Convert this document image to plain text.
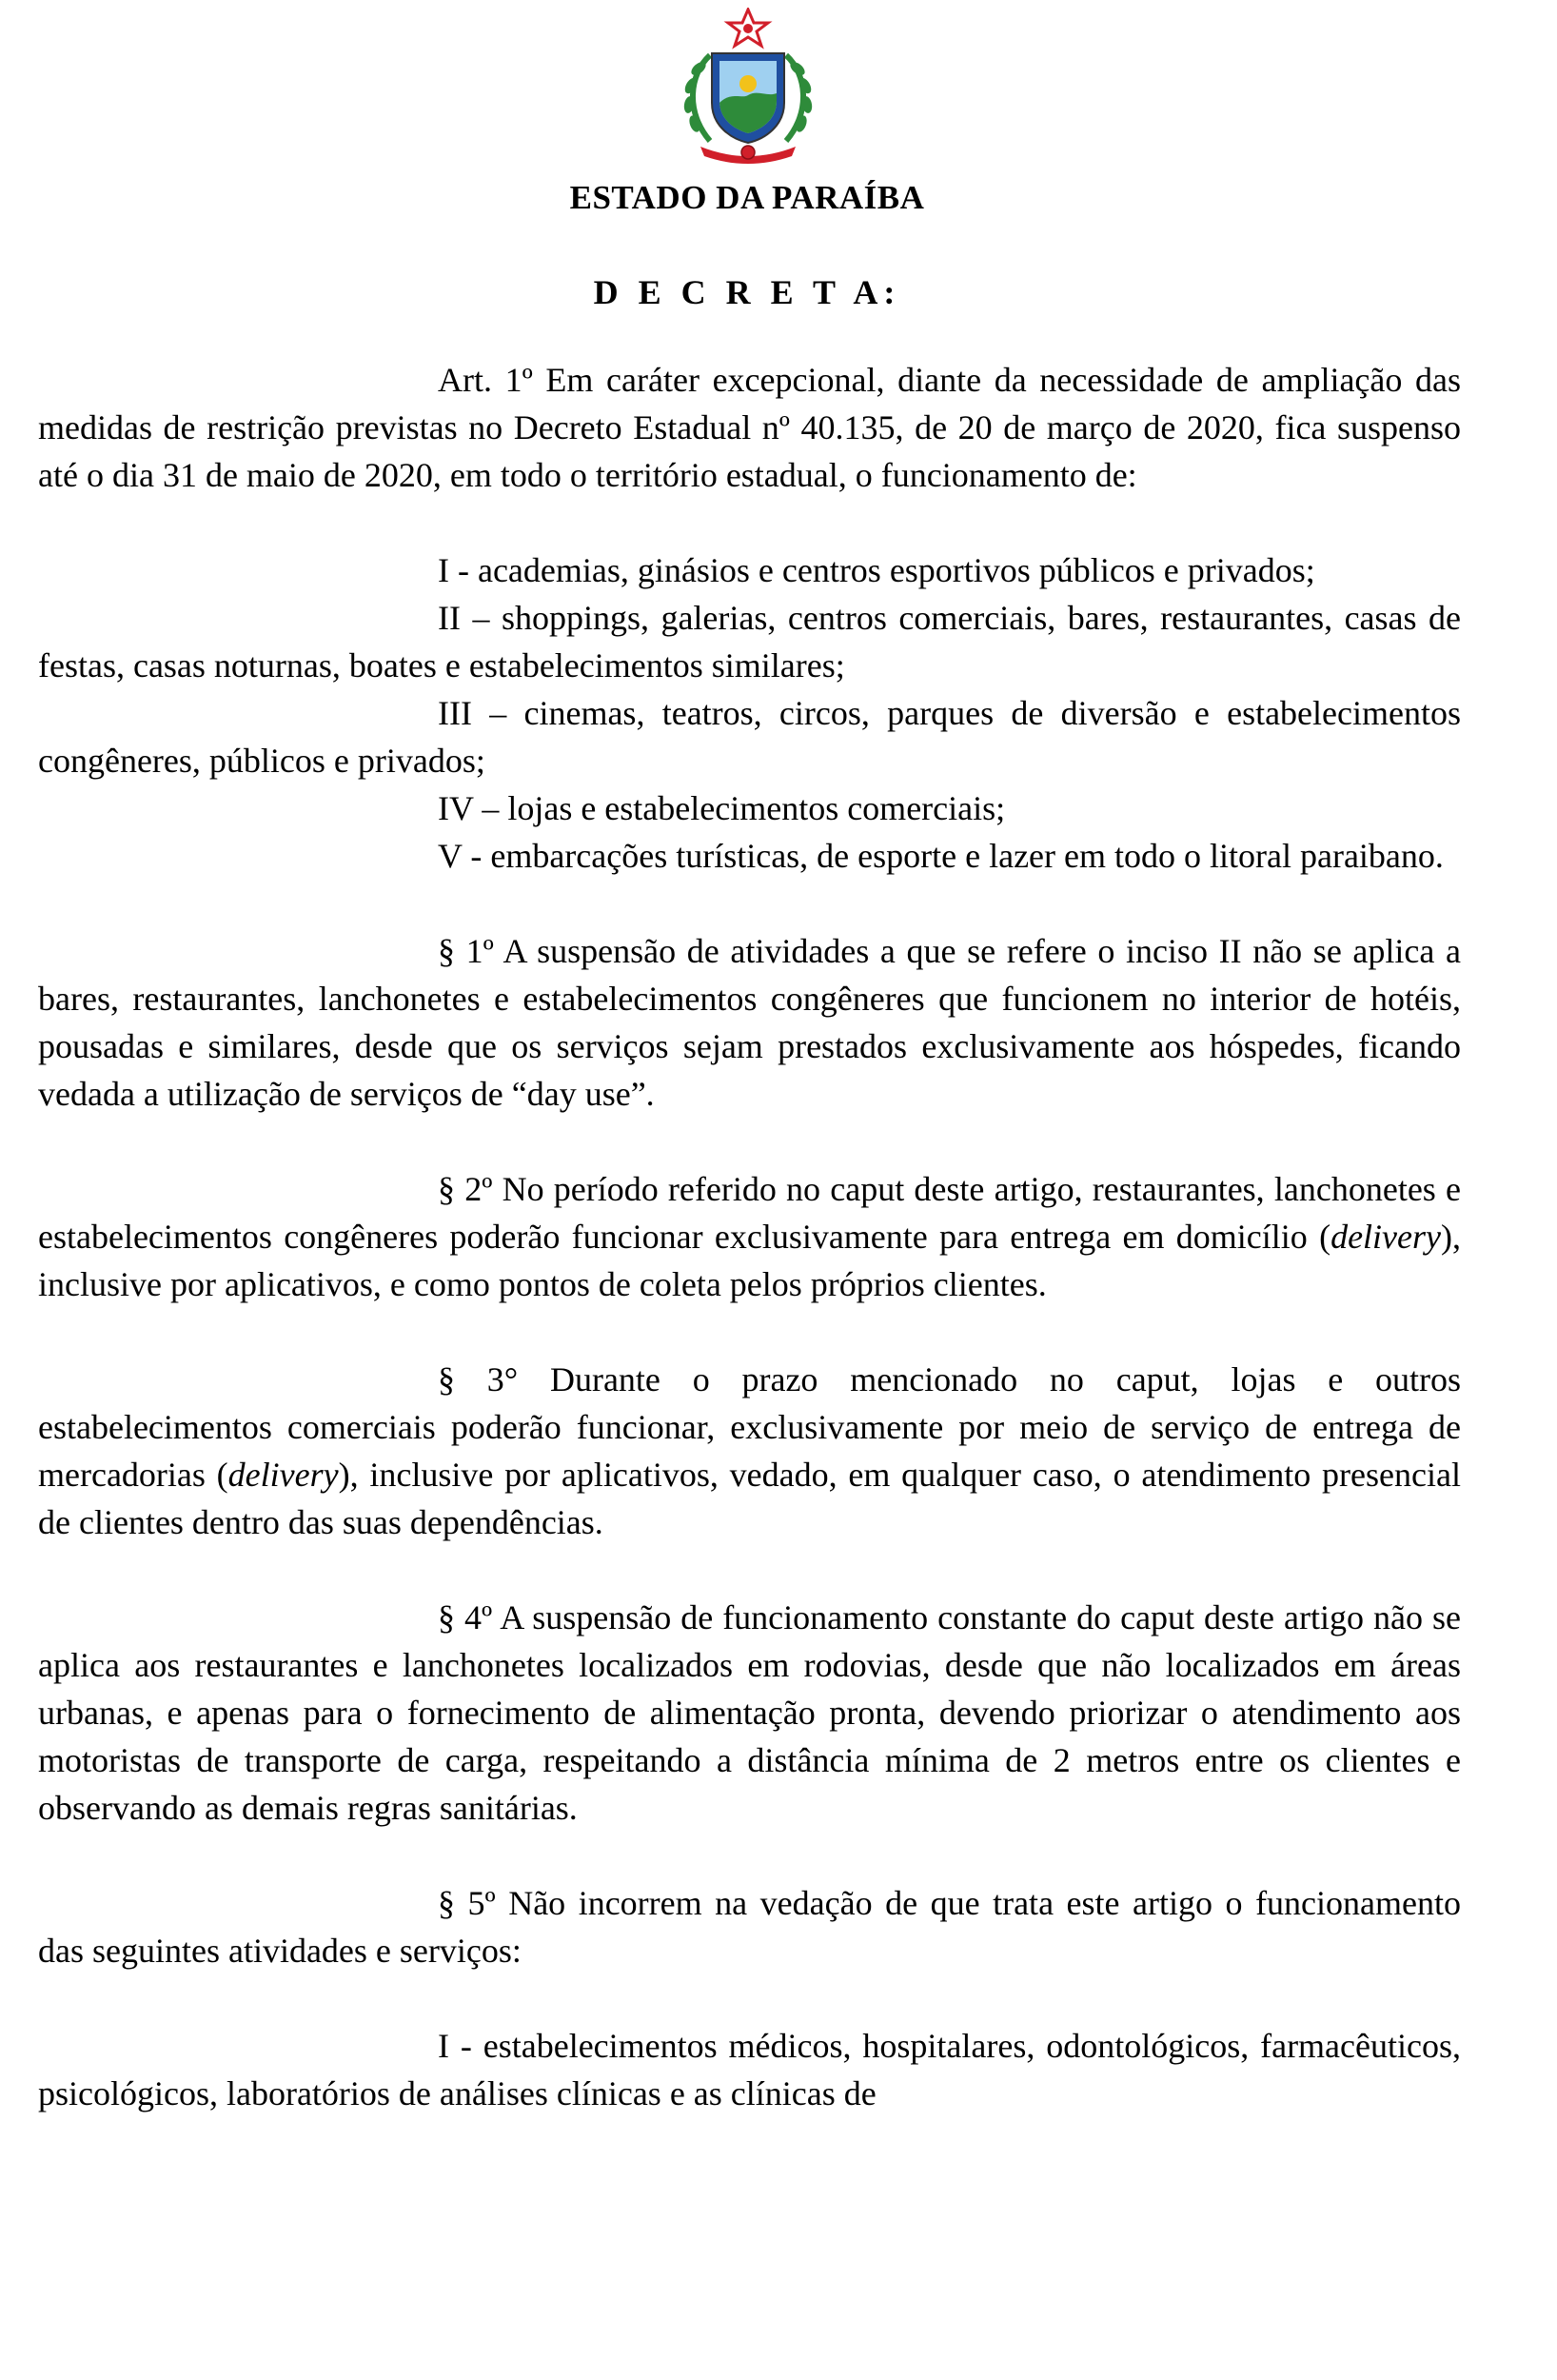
ESTADO DA PARAÍBA
D E C R E T A:

Art. 1º Em caráter excepcional, diante da necessidade de ampliação das medidas de restrição previstas no Decreto Estadual nº 40.135, de 20 de março de 2020, fica suspenso até o dia 31 de maio de 2020, em todo o território estadual, o funcionamento de:

I - academias, ginásios e centros esportivos públicos e privados;

II – shoppings, galerias, centros comerciais, bares, restaurantes, casas de festas, casas noturnas, boates e estabelecimentos similares;

III – cinemas, teatros, circos, parques de diversão e estabelecimentos congêneres, públicos e privados;

IV – lojas e estabelecimentos comerciais;

V - embarcações turísticas, de esporte e lazer em todo o litoral paraibano.

§ 1º A suspensão de atividades a que se refere o inciso II não se aplica a bares, restaurantes, lanchonetes e estabelecimentos congêneres que funcionem no interior de hotéis, pousadas e similares, desde que os serviços sejam prestados exclusivamente aos hóspedes, ficando vedada a utilização de serviços de “day use”.

§ 2º No período referido no caput deste artigo, restaurantes, lanchonetes e estabelecimentos congêneres poderão funcionar exclusivamente para entrega em domicílio (delivery), inclusive por aplicativos, e como pontos de coleta pelos próprios clientes.

§ 3° Durante o prazo mencionado no caput, lojas e outros estabelecimentos comerciais poderão funcionar, exclusivamente por meio de serviço de entrega de mercadorias (delivery), inclusive por aplicativos, vedado, em qualquer caso, o atendimento presencial de clientes dentro das suas dependências.

§ 4º A suspensão de funcionamento constante do caput deste artigo não se aplica aos restaurantes e lanchonetes localizados em rodovias, desde que não localizados em áreas urbanas, e apenas para o fornecimento de alimentação pronta, devendo priorizar o atendimento aos motoristas de transporte de carga, respeitando a distância mínima de 2 metros entre os clientes e observando as demais regras sanitárias.

§ 5º Não incorrem na vedação de que trata este artigo o funcionamento das seguintes atividades e serviços:

I - estabelecimentos médicos, hospitalares, odontológicos, farmacêuticos, psicológicos, laboratórios de análises clínicas e as clínicas de
